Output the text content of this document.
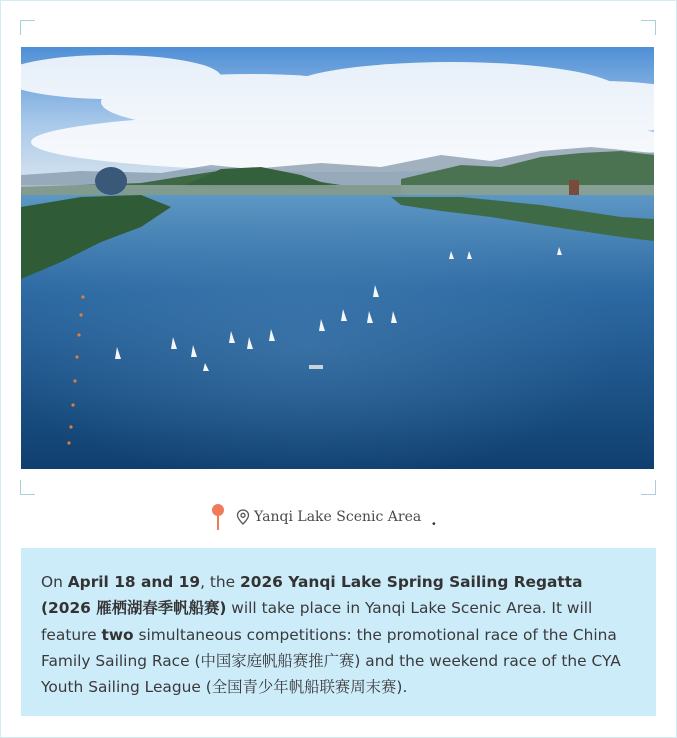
Yanqi Lake Scenic Area .
On April 18 and 19, the 2026 Yanqi Lake Spring Sailing Regatta (2026 雁栖湖春季帆船赛) will take place in Yanqi Lake Scenic Area. It will feature two simultaneous competitions: the promotional race of the China Family Sailing Race (中国家庭帆船赛推广赛) and the weekend race of the CYA Youth Sailing League (全国青少年帆船联赛周末赛).
